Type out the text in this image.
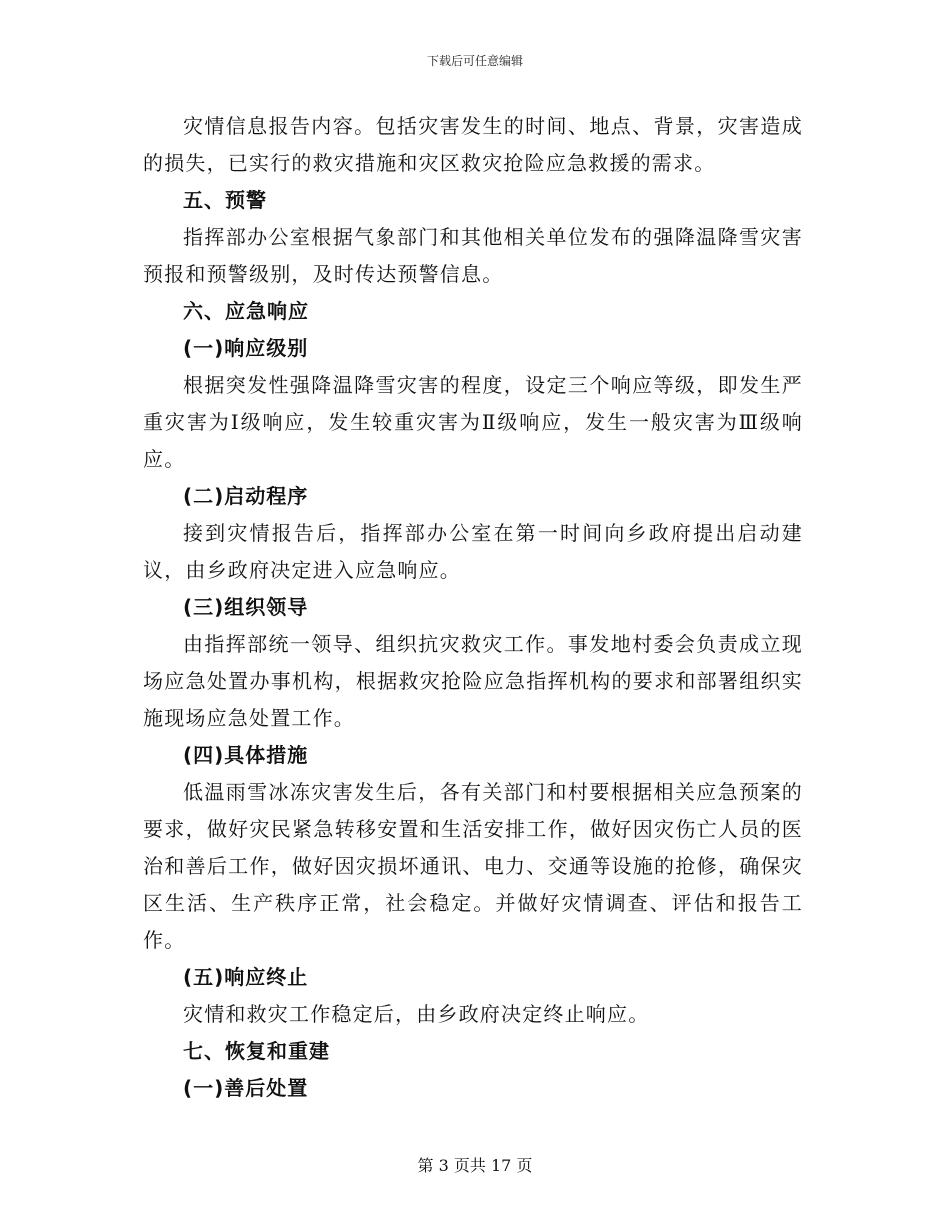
下载后可任意编辑
灾情信息报告内容。包括灾害发生的时间、地点、背景，灾害造成的损失，已实行的救灾措施和灾区救灾抢险应急救援的需求。
五、预警
指挥部办公室根据气象部门和其他相关单位发布的强降温降雪灾害预报和预警级别，及时传达预警信息。
六、应急响应
(一)响应级别
根据突发性强降温降雪灾害的程度，设定三个响应等级，即发生严重灾害为Ⅰ级响应，发生较重灾害为Ⅱ级响应，发生一般灾害为Ⅲ级响应。
(二)启动程序
接到灾情报告后，指挥部办公室在第一时间向乡政府提出启动建议，由乡政府决定进入应急响应。
(三)组织领导
由指挥部统一领导、组织抗灾救灾工作。事发地村委会负责成立现场应急处置办事机构，根据救灾抢险应急指挥机构的要求和部署组织实施现场应急处置工作。
(四)具体措施
低温雨雪冰冻灾害发生后，各有关部门和村要根据相关应急预案的要求，做好灾民紧急转移安置和生活安排工作，做好因灾伤亡人员的医治和善后工作，做好因灾损坏通讯、电力、交通等设施的抢修，确保灾区生活、生产秩序正常，社会稳定。并做好灾情调查、评估和报告工作。
(五)响应终止
灾情和救灾工作稳定后，由乡政府决定终止响应。
七、恢复和重建
(一)善后处置
第 3 页共 17 页
